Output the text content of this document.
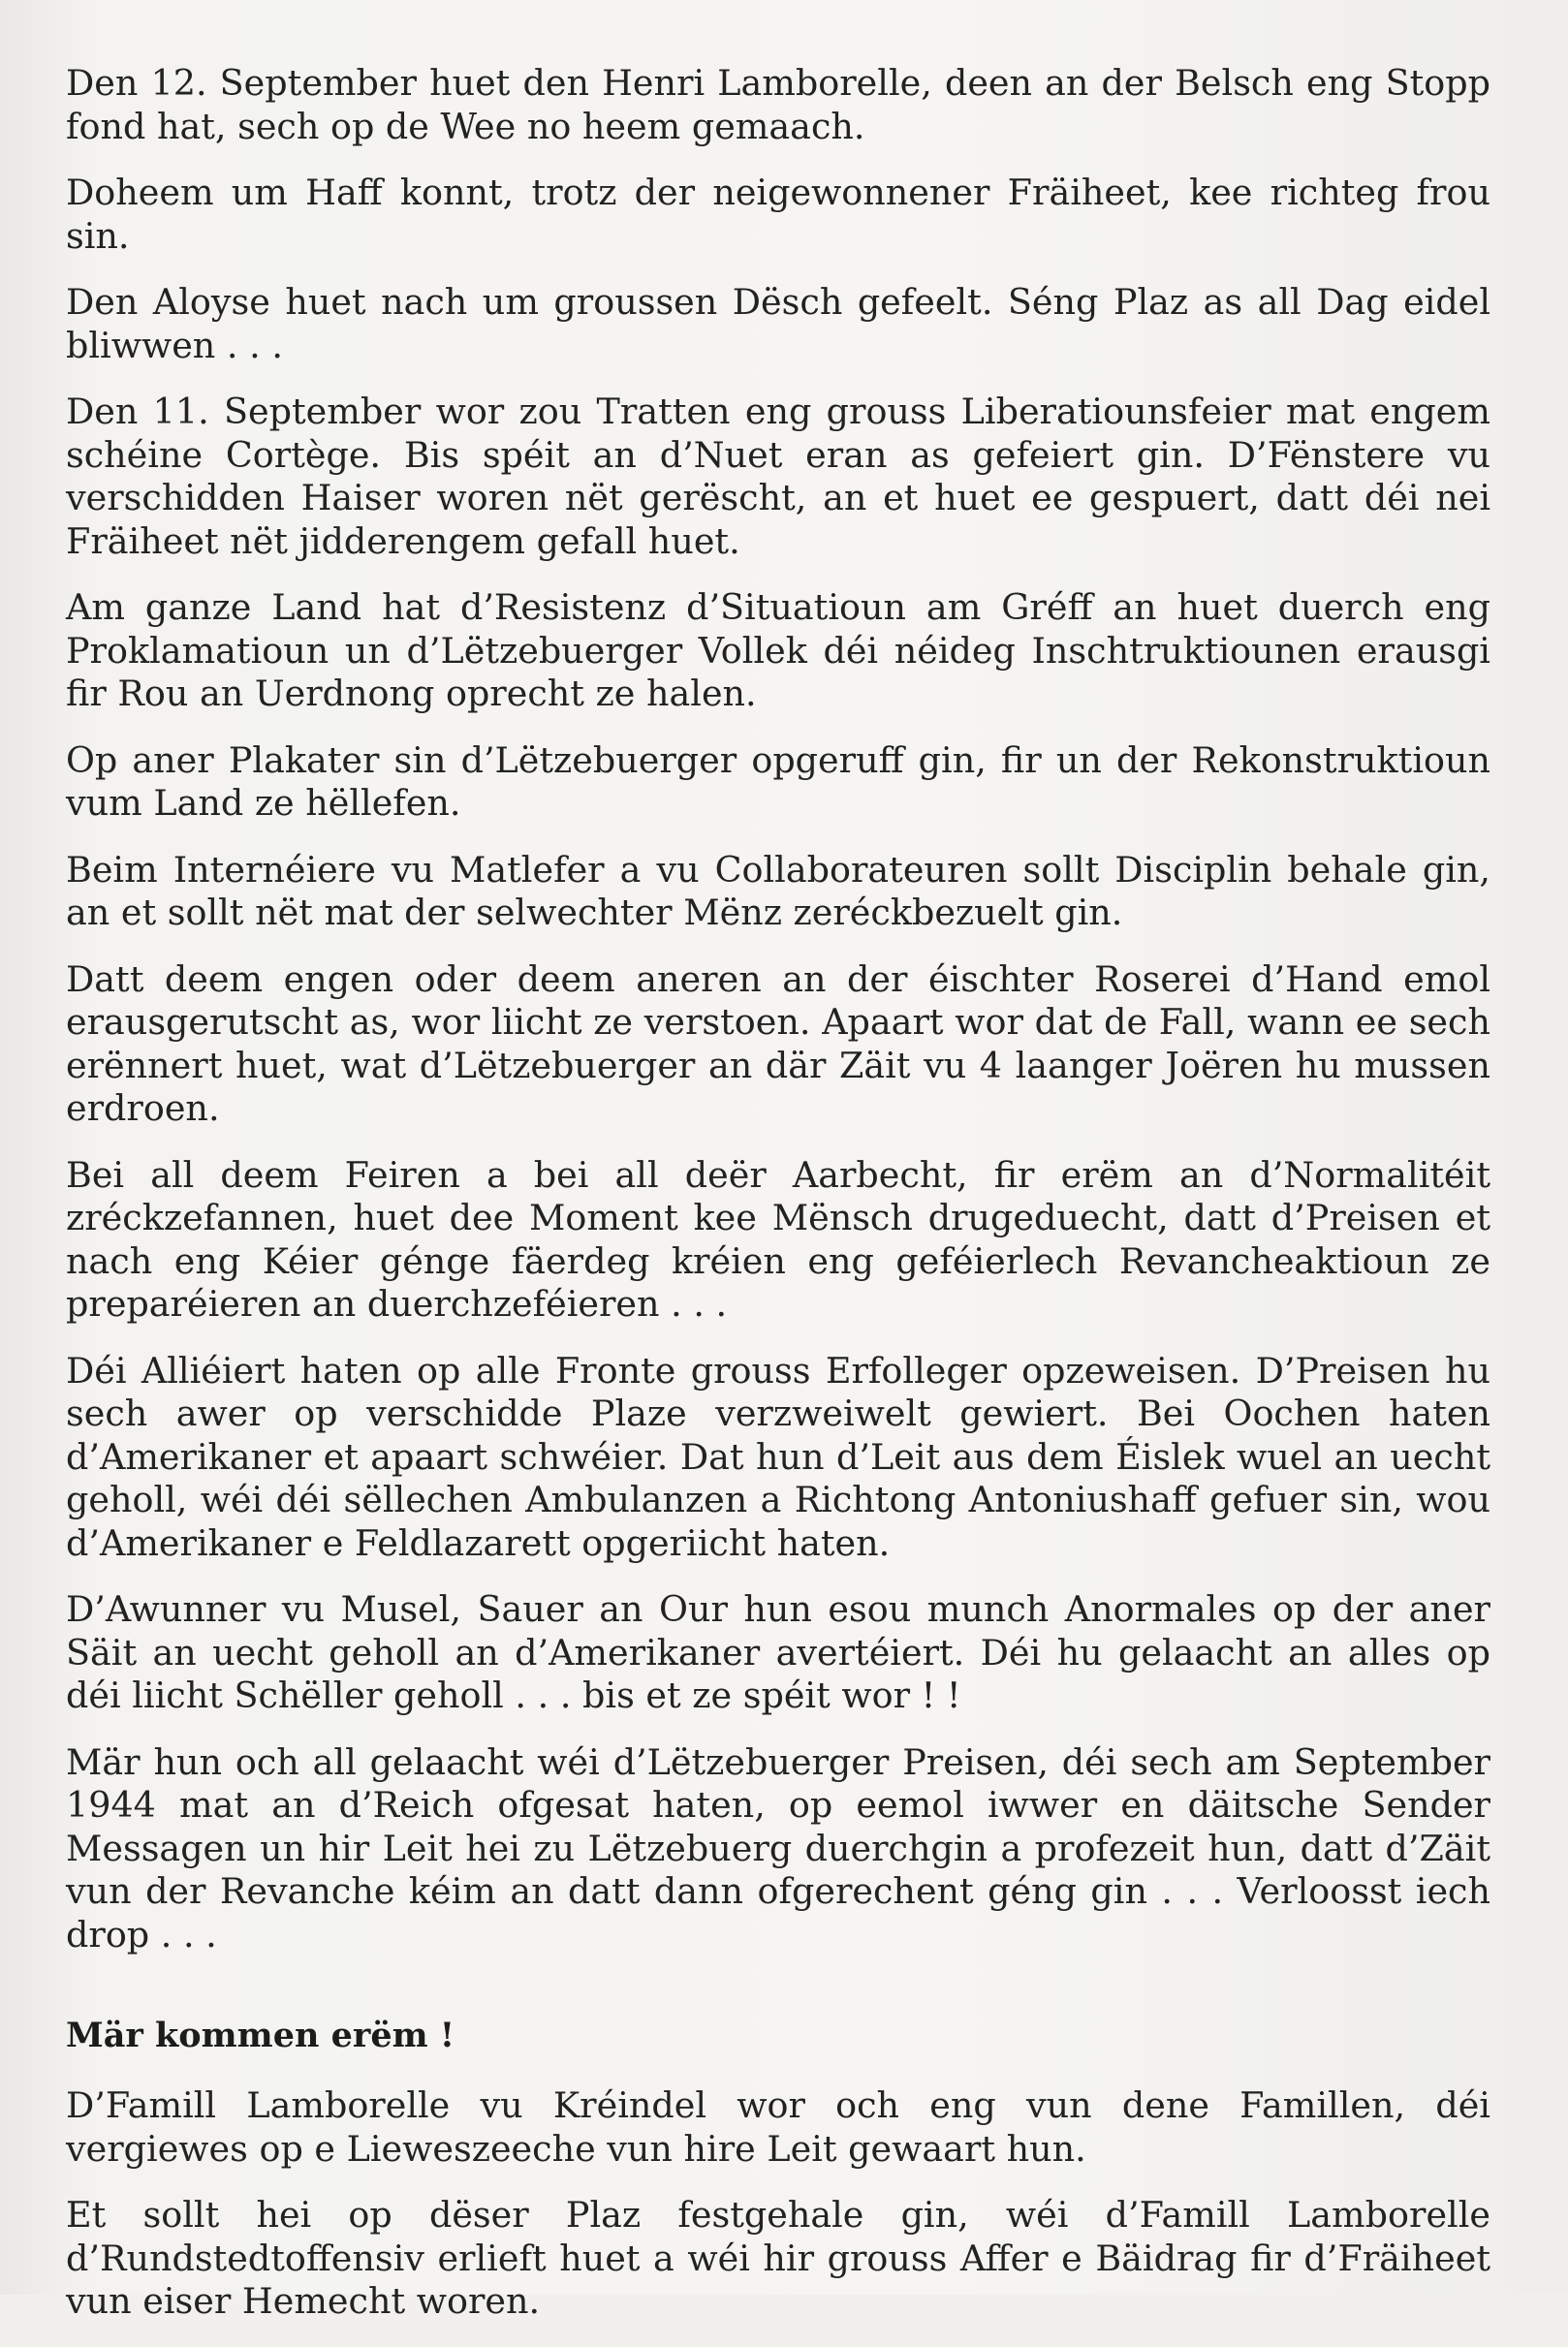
Den 12. September huet den Henri Lamborelle, deen an der Belsch eng Stopp fond hat, sech op de Wee no heem gemaach.

Doheem um Haff konnt, trotz der neigewonnener Fräiheet, kee richteg frou sin.

Den Aloyse huet nach um groussen Dësch gefeelt. Séng Plaz as all Dag eidel bliwwen . . .

Den 11. September wor zou Tratten eng grouss Liberatiounsfeier mat engem schéine Cortège. Bis spéit an d’Nuet eran as gefeiert gin. D’Fënstere vu verschidden Haiser woren nët gerëscht, an et huet ee gespuert, datt déi nei Fräiheet nët jidderengem gefall huet.

Am ganze Land hat d’Resistenz d’Situatioun am Gréff an huet duerch eng Proklamatioun un d’Lëtzebuerger Vollek déi néideg Inschtruktiounen erausgi fir Rou an Uerdnong oprecht ze halen.

Op aner Plakater sin d’Lëtzebuerger opgeruff gin, fir un der Rekonstruktioun vum Land ze hëllefen.

Beim Internéiere vu Matlefer a vu Collaborateuren sollt Disciplin behale gin, an et sollt nët mat der selwechter Mënz zeréckbezuelt gin.

Datt deem engen oder deem aneren an der éischter Roserei d’Hand emol erausgerutscht as, wor liicht ze verstoen. Apaart wor dat de Fall, wann ee sech erënnert huet, wat d’Lëtzebuerger an där Zäit vu 4 laanger Joëren hu mussen erdroen.

Bei all deem Feiren a bei all deër Aarbecht, fir erëm an d’Normalitéit zréckzefannen, huet dee Moment kee Mënsch drugeduecht, datt d’Preisen et nach eng Kéier génge fäerdeg kréien eng geféierlech Revancheaktioun ze preparéieren an duerchzeféieren . . .

Déi Alliéiert haten op alle Fronte grouss Erfolleger opzeweisen. D’Preisen hu sech awer op verschidde Plaze verzweiwelt gewiert. Bei Oochen haten d’Amerikaner et apaart schwéier. Dat hun d’Leit aus dem Éislek wuel an uecht geholl, wéi déi sëllechen Ambulanzen a Richtong Antoniushaff gefuer sin, wou d’Amerikaner e Feldlazarett opgeriicht haten.

D’Awunner vu Musel, Sauer an Our hun esou munch Anormales op der aner Säit an uecht geholl an d’Amerikaner avertéiert. Déi hu gelaacht an alles op déi liicht Schëller geholl . . . bis et ze spéit wor ! !

Mär hun och all gelaacht wéi d’Lëtzebuerger Preisen, déi sech am September 1944 mat an d’Reich ofgesat haten, op eemol iwwer en däitsche Sender Messagen un hir Leit hei zu Lëtzebuerg duerchgin a profezeit hun, datt d’Zäit vun der Revanche kéim an datt dann ofgerechent géng gin . . . Verloosst iech drop . . .

Mär kommen erëm !

D’Famill Lamborelle vu Kréindel wor och eng vun dene Famillen, déi vergiewes op e Lieweszeeche vun hire Leit gewaart hun.

Et sollt hei op dëser Plaz festgehale gin, wéi d’Famill Lamborelle d’Rundstedtoffensiv erlieft huet a wéi hir grouss Affer e Bäidrag fir d’Fräiheet vun eiser Hemecht woren.
